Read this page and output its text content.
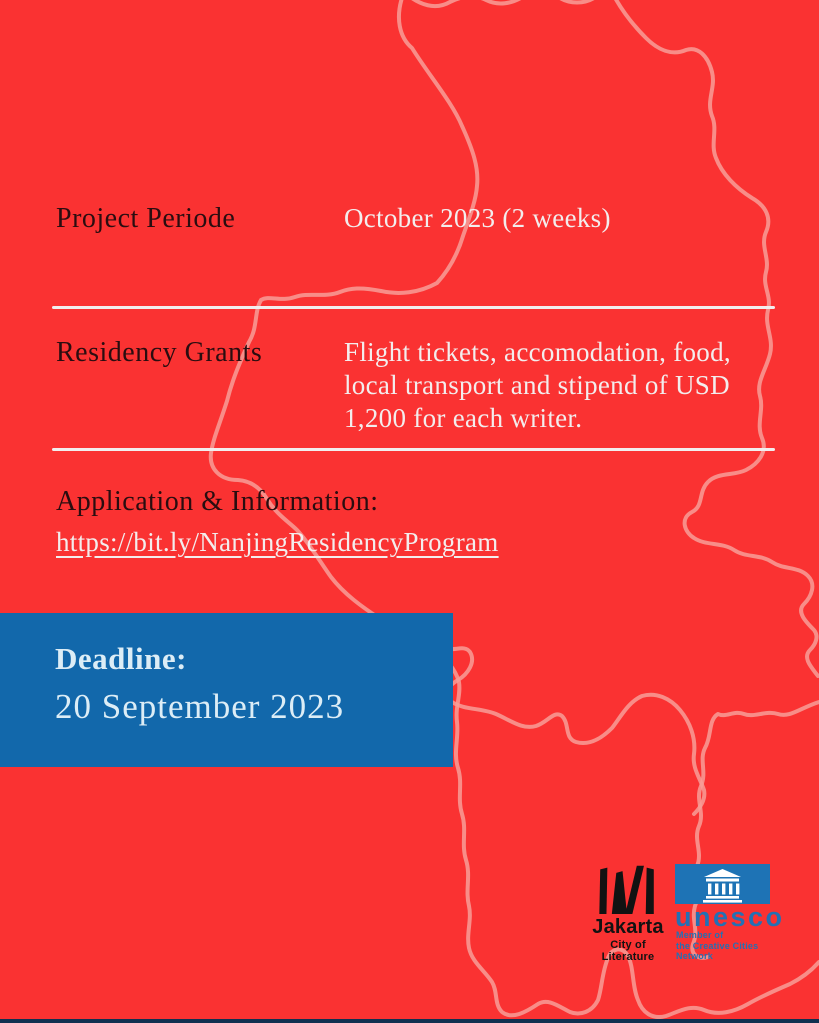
Project Periode	October 2023 (2 weeks)
Residency Grants	Flight tickets, accomodation, food, local transport and stipend of USD 1,200 for each writer.
Application & Information:
https://bit.ly/NanjingResidencyProgram
Deadline:
20 September 2023
Jakarta
City of Literature
unesco
Member of
the Creative Cities Network
